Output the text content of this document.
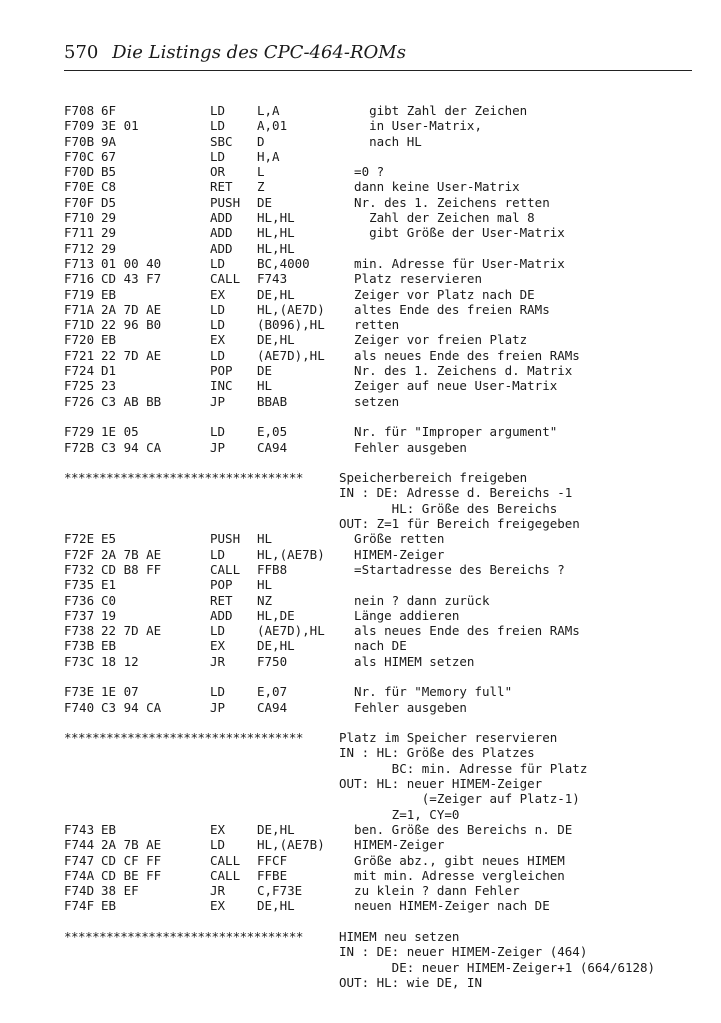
570 Die Listings des CPC-464-ROMs
F708 6F	LD	L,A	gibt Zahl der Zeichen
F709 3E 01	LD	A,01	in User-Matrix,
F70B 9A	SBC D	nach HL
F70C 67	LD	H,A
F70D B5	OR	L	=0 ?
F70E C8	RET Z	dann keine User-Matrix
F70F D5	PUSH DE	Nr. des 1. Zeichens retten
F710 29	ADD HL,HL	Zahl der Zeichen mal 8
F711 29	ADD HL,HL	gibt Größe der User-Matrix
F712 29	ADD HL,HL
F713 01 00 40	LD	BC,4000 min. Adresse für User-Matrix
F716 CD 43 F7	CALL F743	Platz reservieren
F719 EB	EX	DE,HL	Zeiger vor Platz nach DE
F71A 2A 7D AE	LD	HL,(AE7D) altes Ende des freien RAMs
F71D 22 96 B0	LD	(B096),HL retten
F720 EB	EX	DE,HL	Zeiger vor freien Platz
F721 22 7D AE	LD	(AE7D),HL als neues Ende des freien RAMs
F724 D1	POP DE	Nr. des 1. Zeichens d. Matrix
F725 23	INC HL	Zeiger auf neue User-Matrix
F726 C3 AB BB	JP	BBAB	setzen
F729 1E 05	LD	E,05	Nr. für "Improper argument"
F72B C3 94 CA	JP	CA94	Fehler ausgeben
**********************************	Speicherbereich freigeben
IN : DE: Adresse d. Bereichs -1
HL: Größe des Bereichs
OUT: Z=1 für Bereich freigegeben
F72E E5	PUSH HL	Größe retten
F72F 2A 7B AE	LD	HL,(AE7B) HIMEM-Zeiger
F732 CD B8 FF	CALL FFB8	=Startadresse des Bereichs ?
F735 E1	POP HL
F736 C0	RET NZ	nein ? dann zurück
F737 19	ADD HL,DE	Länge addieren
F738 22 7D AE	LD	(AE7D),HL als neues Ende des freien RAMs
F73B EB	EX	DE,HL	nach DE
F73C 18 12	JR	F750	als HIMEM setzen
F73E 1E 07	LD	E,07	Nr. für "Memory full"
F740 C3 94 CA	JP	CA94	Fehler ausgeben
**********************************	Platz im Speicher reservieren
IN : HL: Größe des Platzes
BC: min. Adresse für Platz
OUT: HL: neuer HIMEM-Zeiger
(=Zeiger auf Platz-1)
Z=1, CY=0
F743 EB	EX	DE,HL	ben. Größe des Bereichs n. DE
F744 2A 7B AE	LD	HL,(AE7B) HIMEM-Zeiger
F747 CD CF FF	CALL FFCF	Größe abz., gibt neues HIMEM
F74A CD BE FF	CALL FFBE	mit min. Adresse vergleichen
F74D 38 EF	JR	C,F73E	zu klein ? dann Fehler
F74F EB	EX	DE,HL	neuen HIMEM-Zeiger nach DE
**********************************	HIMEM neu setzen
IN : DE: neuer HIMEM-Zeiger (464)
DE: neuer HIMEM-Zeiger+1 (664/6128)
OUT: HL: wie DE, IN
